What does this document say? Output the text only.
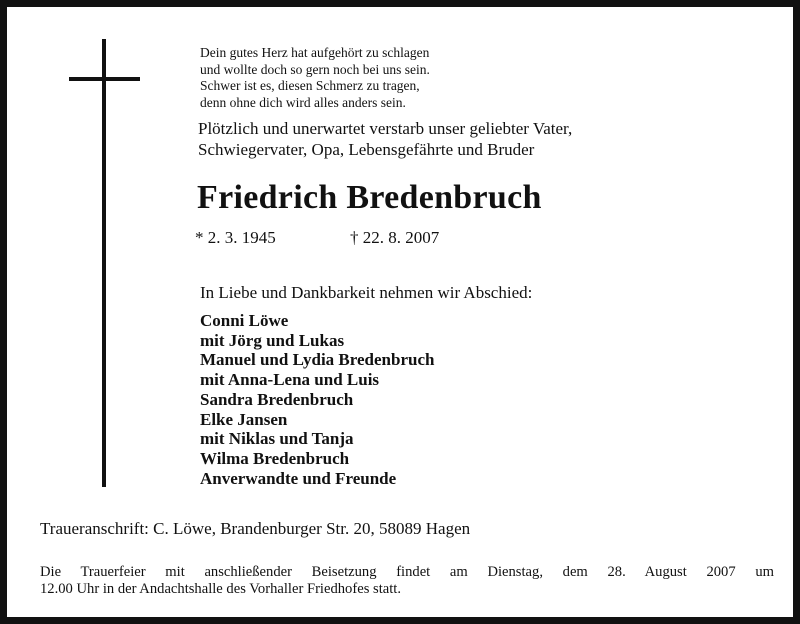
Dein gutes Herz hat aufgehört zu schlagen
und wollte doch so gern noch bei uns sein.
Schwer ist es, diesen Schmerz zu tragen,
denn ohne dich wird alles anders sein.
Plötzlich und unerwartet verstarb unser geliebter Vater,
Schwiegervater, Opa, Lebensgefährte und Bruder
Friedrich Bredenbruch
* 2. 3. 1945	† 22. 8. 2007
In Liebe und Dankbarkeit nehmen wir Abschied:
Conni Löwe
mit Jörg und Lukas
Manuel und Lydia Bredenbruch
mit Anna-Lena und Luis
Sandra Bredenbruch
Elke Jansen
mit Niklas und Tanja
Wilma Bredenbruch
Anverwandte und Freunde
Traueranschrift: C. Löwe, Brandenburger Str. 20, 58089 Hagen
Die Trauerfeier mit anschließender Beisetzung findet am Dienstag, dem 28. August 2007 um
12.00 Uhr in der Andachtshalle des Vorhaller Friedhofes statt.
